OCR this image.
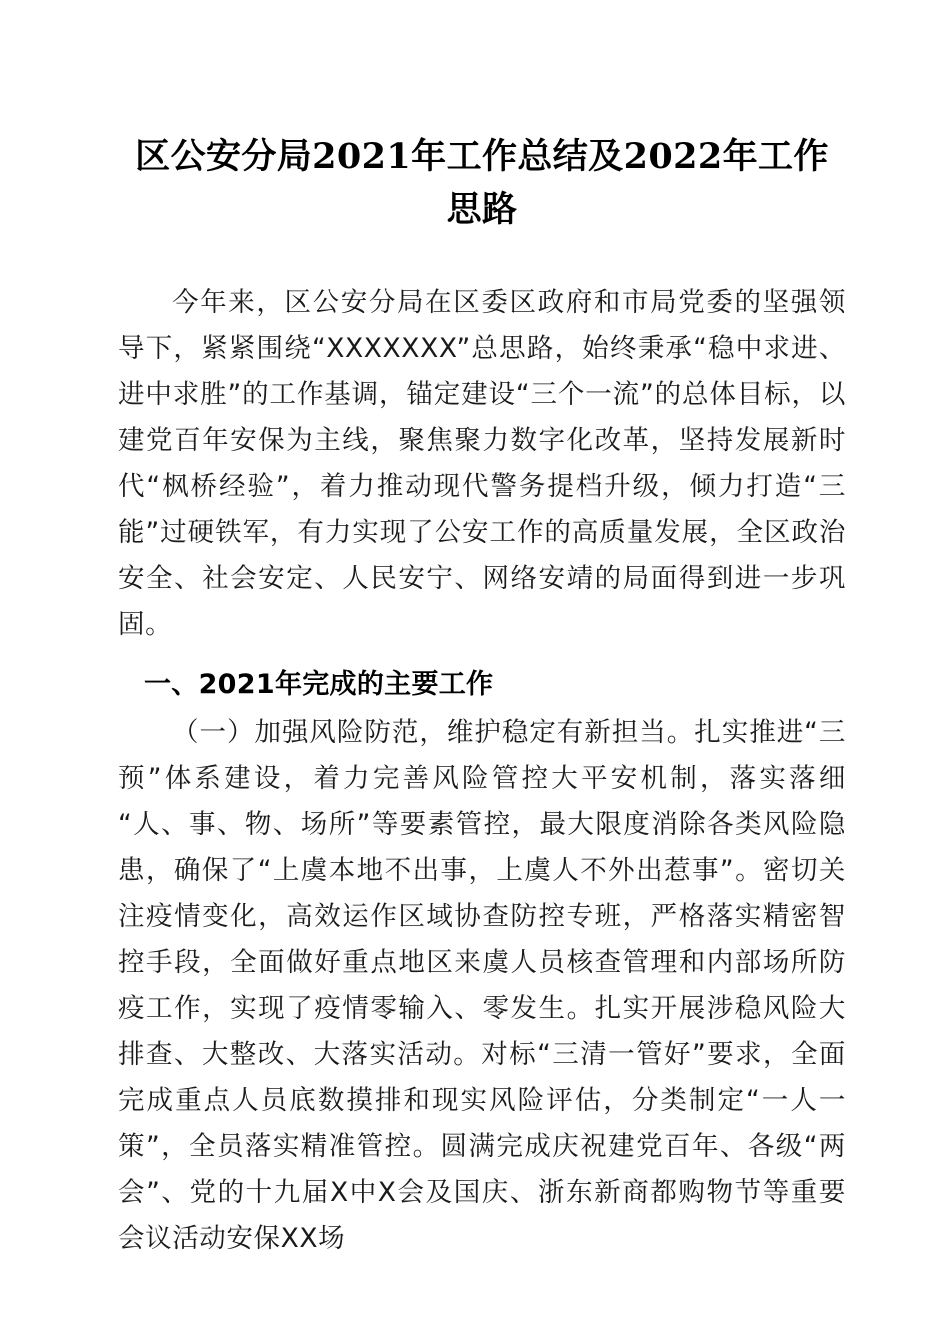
区公安分局2021年工作总结及2022年工作思路

今年来，区公安分局在区委区政府和市局党委的坚强领导下，紧紧围绕“XXXXXXX”总思路，始终秉承“稳中求进、进中求胜”的工作基调，锚定建设“三个一流”的总体目标，以建党百年安保为主线，聚焦聚力数字化改革，坚持发展新时代“枫桥经验”，着力推动现代警务提档升级，倾力打造“三能”过硬铁军，有力实现了公安工作的高质量发展，全区政治安全、社会安定、人民安宁、网络安靖的局面得到进一步巩固。

一、2021年完成的主要工作

（一）加强风险防范，维护稳定有新担当。扎实推进“三预”体系建设，着力完善风险管控大平安机制，落实落细“人、事、物、场所”等要素管控，最大限度消除各类风险隐患，确保了“上虞本地不出事，上虞人不外出惹事”。密切关注疫情变化，高效运作区域协查防控专班，严格落实精密智控手段，全面做好重点地区来虞人员核查管理和内部场所防疫工作，实现了疫情零输入、零发生。扎实开展涉稳风险大排查、大整改、大落实活动。对标“三清一管好”要求，全面完成重点人员底数摸排和现实风险评估，分类制定“一人一策”，全员落实精准管控。圆满完成庆祝建党百年、各级“两会”、党的十九届X中X会及国庆、浙东新商都购物节等重要会议活动安保XX场
